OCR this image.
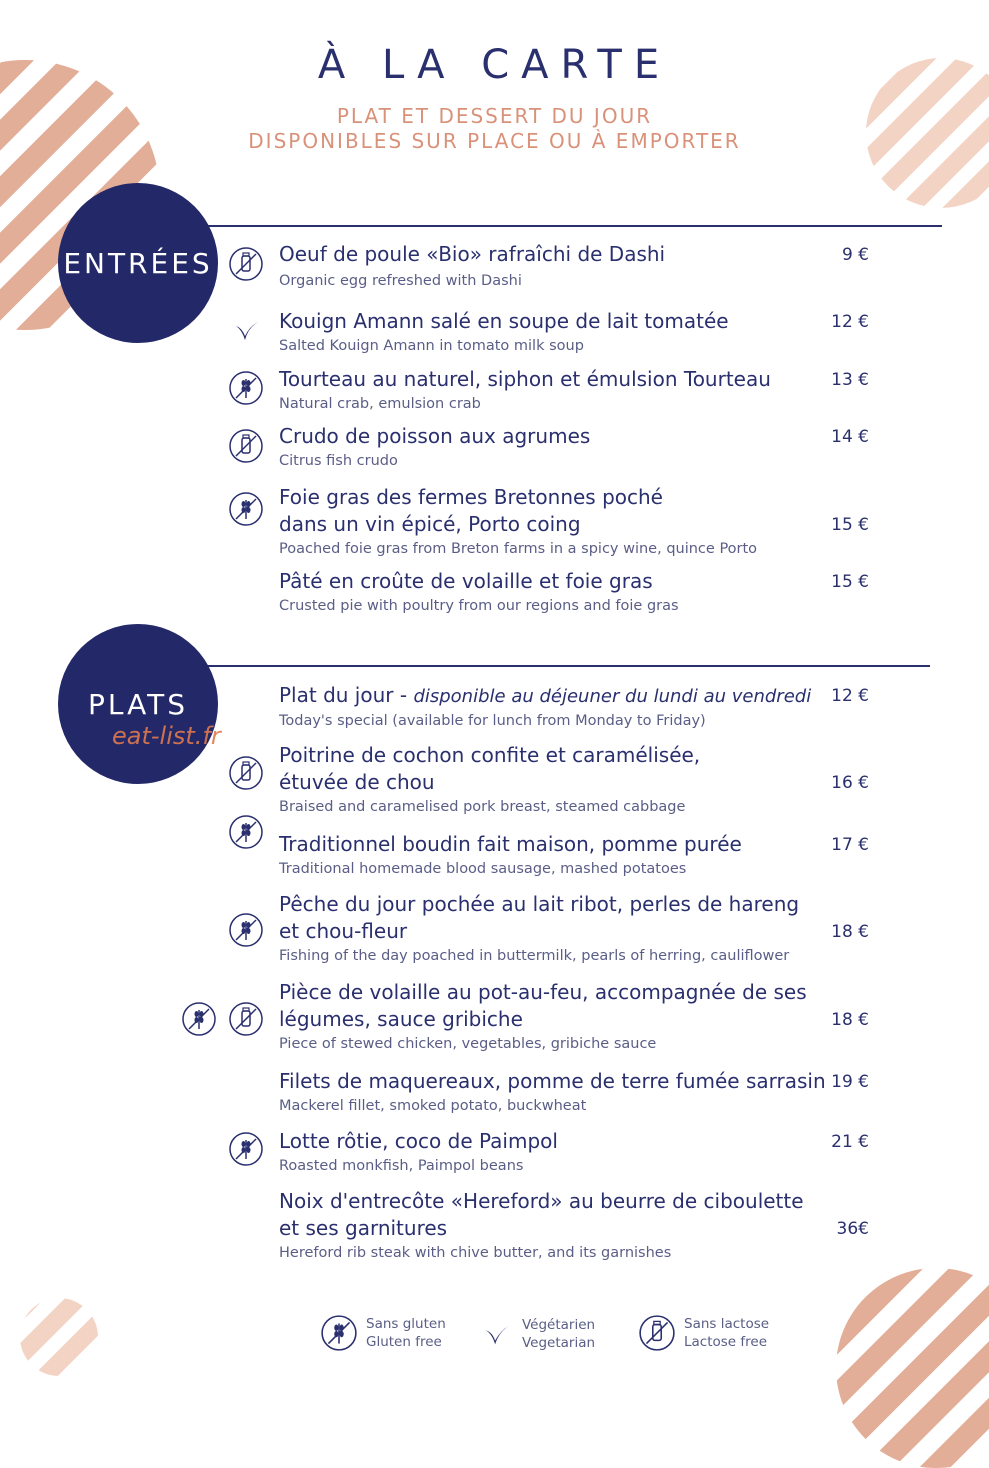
À LA CARTE

PLAT ET DESSERT DU JOUR

DISPONIBLES SUR PLACE OU À EMPORTER

ENTRÉES
PLATS
eat-list.fr
Oeuf de poule «Bio» rafraîchi de Dashi
Organic egg refreshed with Dashi
9 €
Kouign Amann salé en soupe de lait tomatée
Salted Kouign Amann in tomato milk soup
12 €
Tourteau au naturel, siphon et émulsion Tourteau
Natural crab, emulsion crab
13 €
Crudo de poisson aux agrumes
Citrus fish crudo
14 €
Foie gras des fermes Bretonnes poché
dans un vin épicé, Porto coing
Poached foie gras from Breton farms in a spicy wine, quince Porto
15 €
Pâté en croûte de volaille et foie gras
Crusted pie with poultry from our regions and foie gras
15 €
Plat du jour - disponible au déjeuner du lundi au vendredi
Today's special (available for lunch from Monday to Friday)
12 €
Poitrine de cochon confite et caramélisée,
étuvée de chou
Braised and caramelised pork breast, steamed cabbage
16 €
Traditionnel boudin fait maison, pomme purée
Traditional homemade blood sausage, mashed potatoes
17 €
Pêche du jour pochée au lait ribot, perles de hareng
et chou-fleur
Fishing of the day poached in buttermilk, pearls of herring, cauliflower
18 €
Pièce de volaille au pot-au-feu, accompagnée de ses
légumes, sauce gribiche
Piece of stewed chicken, vegetables, gribiche sauce
18 €
Filets de maquereaux, pomme de terre fumée sarrasin
Mackerel fillet, smoked potato, buckwheat
19 €
Lotte rôtie, coco de Paimpol
Roasted monkfish, Paimpol beans
21 €
Noix d'entrecôte «Hereford» au beurre de ciboulette
et ses garnitures
Hereford rib steak with chive butter, and its garnishes
36€
Sans gluten
Gluten free
Végétarien
Vegetarian
Sans lactose
Lactose free
